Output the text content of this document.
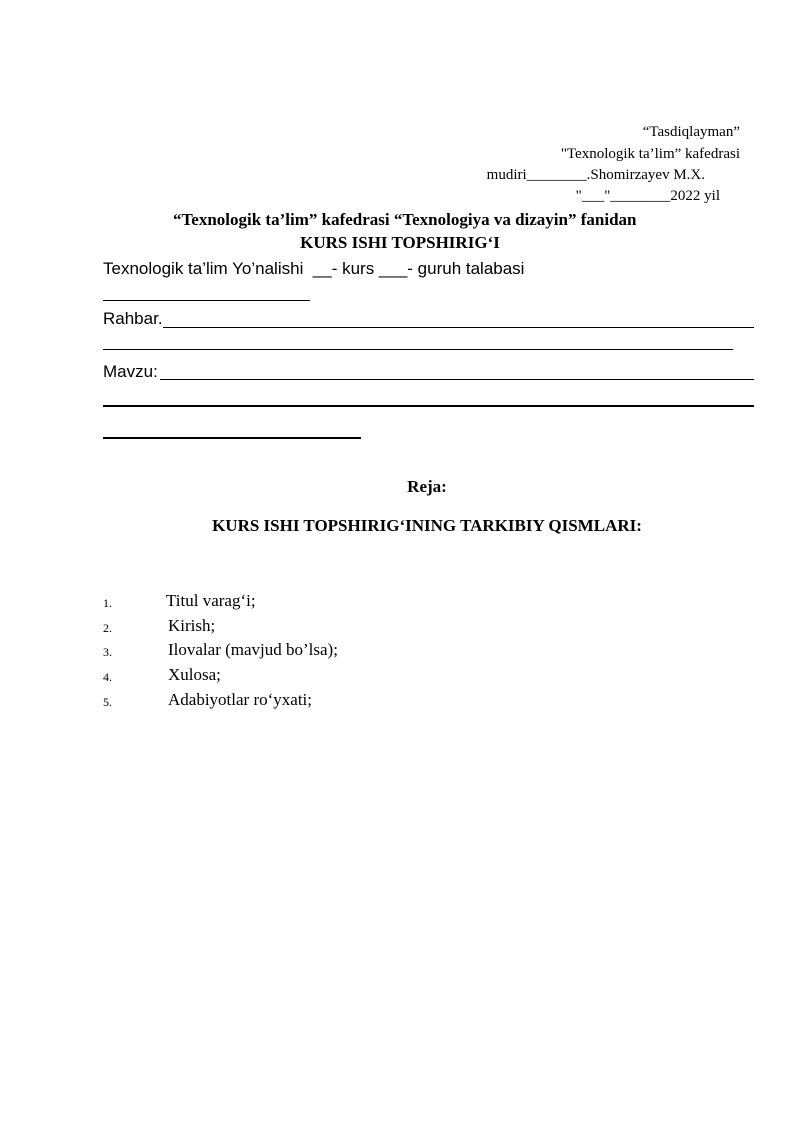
“Tasdiqlayman”
"Texnologik ta’lim” kafedrasi
mudiri________.Shomirzayev M.X.
"___"________2022 yil
“Texnologik ta’lim” kafedrasi “Texnologiya va dizayin” fanidan
KURS ISHI TOPSHIRIG‘I
Texnologik ta’lim Yo’nalishi  __- kurs ___- guruh talabasi
Rahbar.
Mavzu:
Reja:
KURS ISHI TOPSHIRIG‘INING TARKIBIY QISMLARI:
1.	Titul varag‘i;
2.	Kirish;
3.	Ilovalar (mavjud bo’lsa);
4.	Xulosa;
5.	Adabiyotlar ro‘yxati;
